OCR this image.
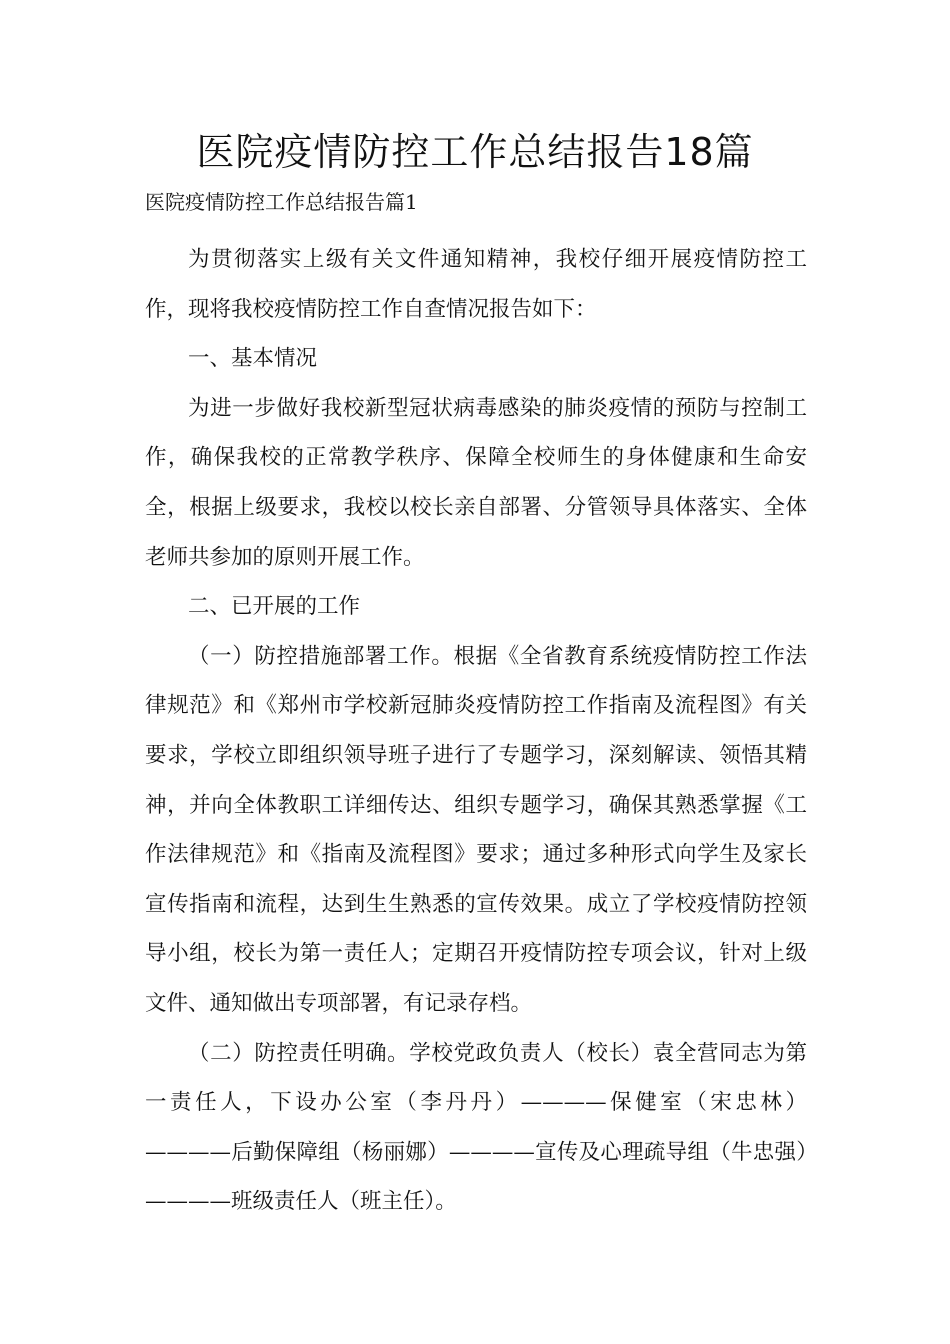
医院疫情防控工作总结报告18篇
医院疫情防控工作总结报告篇1

为贯彻落实上级有关文件通知精神，我校仔细开展疫情防控工作，现将我校疫情防控工作自查情况报告如下：

一、基本情况

为进一步做好我校新型冠状病毒感染的肺炎疫情的预防与控制工作，确保我校的正常教学秩序、保障全校师生的身体健康和生命安全，根据上级要求，我校以校长亲自部署、分管领导具体落实、全体老师共参加的原则开展工作。

二、已开展的工作

（一）防控措施部署工作。根据《全省教育系统疫情防控工作法律规范》和《郑州市学校新冠肺炎疫情防控工作指南及流程图》有关要求，学校立即组织领导班子进行了专题学习，深刻解读、领悟其精神，并向全体教职工详细传达、组织专题学习，确保其熟悉掌握《工作法律规范》和《指南及流程图》要求；通过多种形式向学生及家长宣传指南和流程，达到生生熟悉的宣传效果。成立了学校疫情防控领导小组，校长为第一责任人；定期召开疫情防控专项会议，针对上级文件、通知做出专项部署，有记录存档。

（二）防控责任明确。学校党政负责人（校长）袁全营同志为第一责任人，下设办公室（李丹丹）————保健室（宋忠林）————后勤保障组（杨丽娜）————宣传及心理疏导组（牛忠强）————班级责任人（班主任）。
